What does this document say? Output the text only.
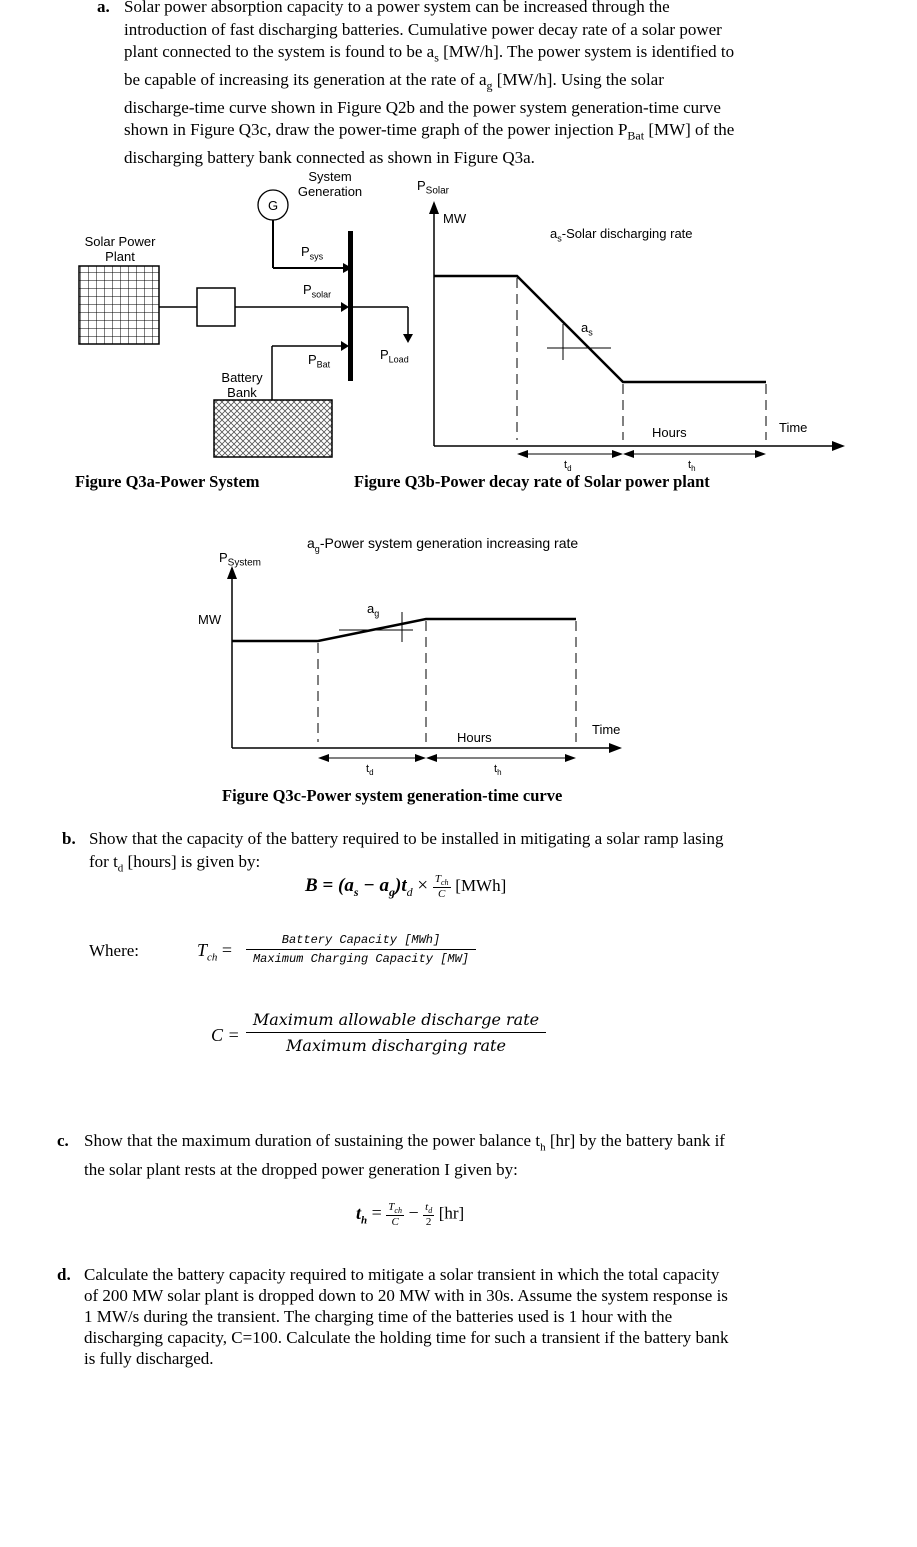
a. Solar power absorption capacity to a power system can be increased through the
introduction of fast discharging batteries. Cumulative power decay rate of a solar power
plant connected to the system is found to be $a_s$ [MW/h]. The power system is identified to
be capable of increasing its generation at the rate of $a_g$ [MW/h]. Using the solar
discharge-time curve shown in Figure Q2b and the power system generation-time curve
shown in Figure Q3c, draw the power-time graph of the power injection $P_{Bat}$ [MW] of the
discharging battery bank connected as shown in Figure Q3a.
System
Generation
G
Solar Power
Plant	$P_{sys}$
$P_{solar}$
$P_{Bat}$
$P_{Load}$
Battery
Bank
Figure Q3a-Power System
$P_{Solar}$
MW
$a_s$-Solar discharging rate
$a_s$
Hours	Time
$t_d$	$t_h$
Figure Q3b-Power decay rate of Solar power plant
$a_g$-Power system generation increasing rate
$P_{System}$
MW
$a_g$
Hours
Time
$t_d$	$t_h$
Figure Q3c-Power system generation-time curve
b. Show that the capacity of the battery required to be installed in mitigating a solar ramp lasing
for $t_d$ [hours] is given by:
$B = (a_s - a_g)t_d \times \frac{T_{ch}}{C} [MWh]$
Where:	$T_{ch}$ =	Battery Capacity [MWh]
Maximum Charging Capacity [MW]
C =
Maximum allowable discharge rate
Maximum discharging rate
c. Show that the maximum duration of sustaining the power balance $t_h$ [hr] by the battery bank if
the solar plant rests at the dropped power generation I given by:
$t_h = \frac{T_{ch}}{C} - \frac{t_d}{2} [hr]$
d. Calculate the battery capacity required to mitigate a solar transient in which the total capacity
of 200 MW solar plant is dropped down to 20 MW with in 30s. Assume the system response is
1 MW/s during the transient. The charging time of the batteries used is 1 hour with the
discharging capacity, C=100. Calculate the holding time for such a transient if the battery bank
is fully discharged.
